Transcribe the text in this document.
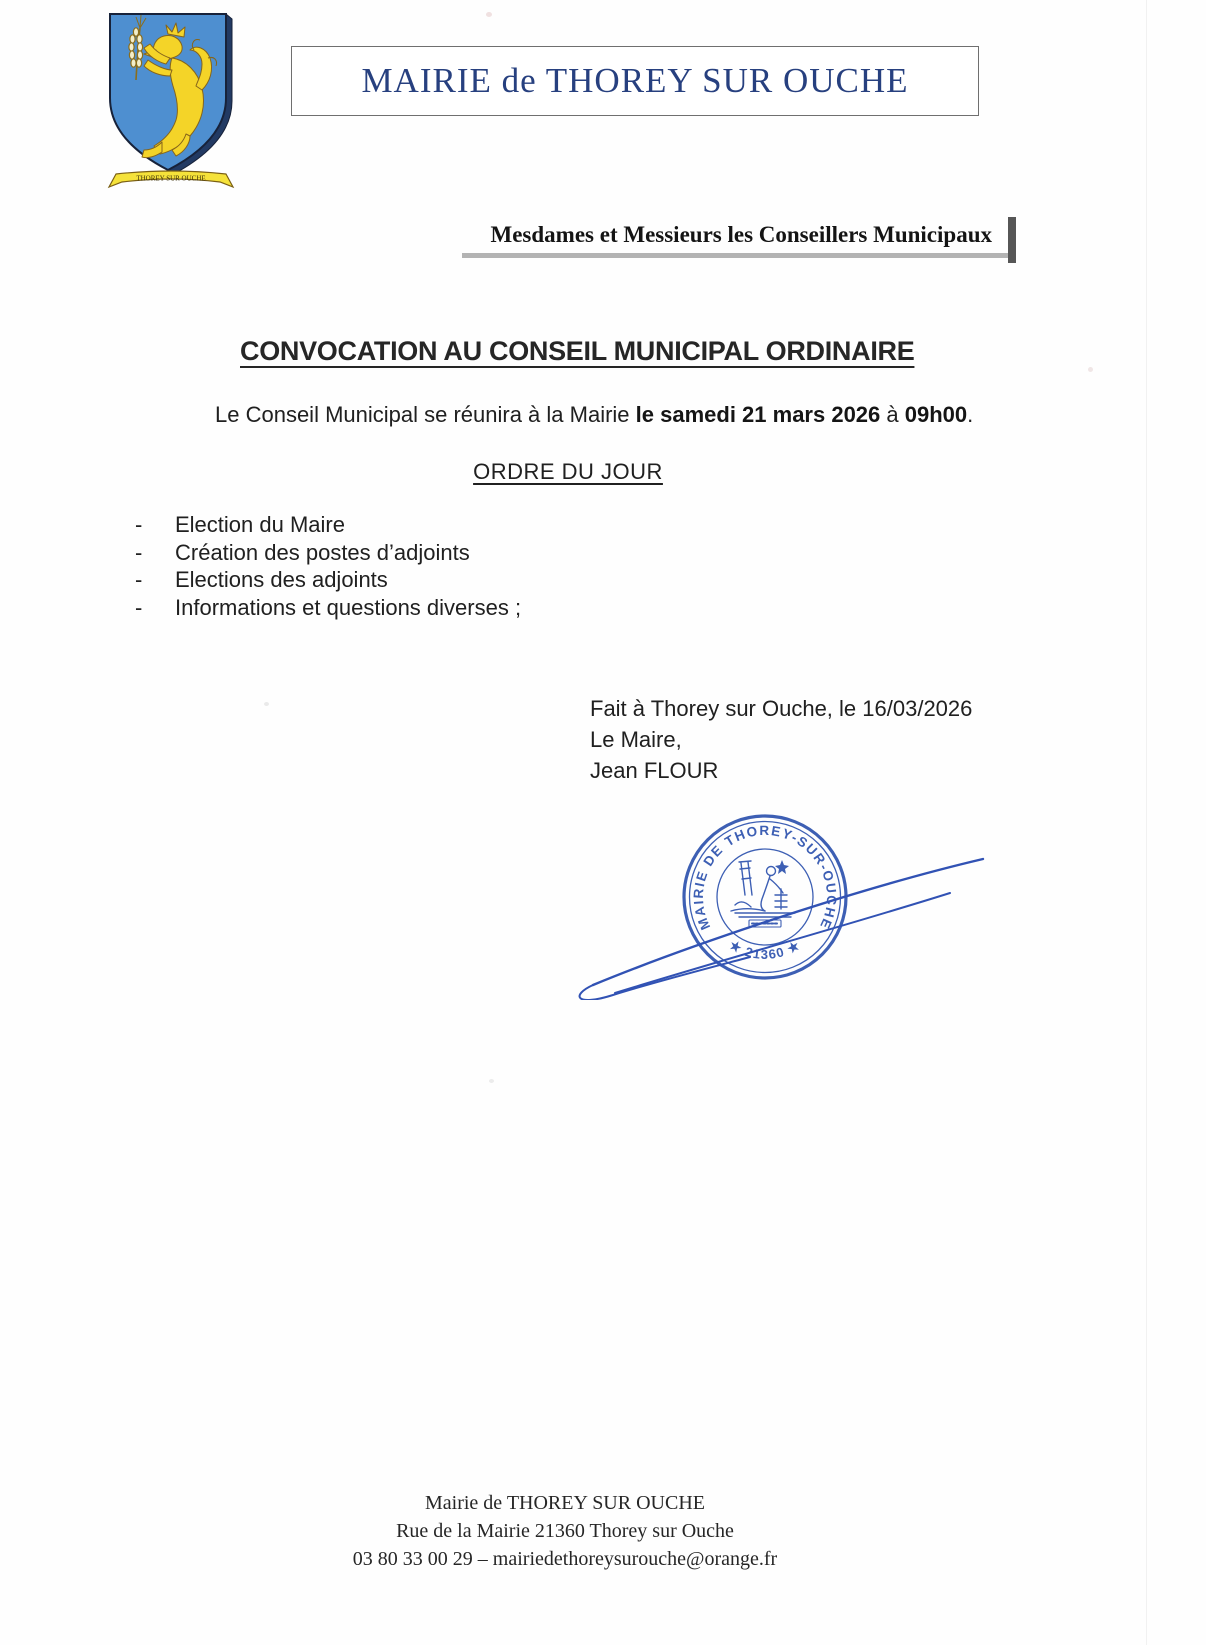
THOREY SUR OUCHE
MAIRIE de THOREY SUR OUCHE
Mesdames et Messieurs les Conseillers Municipaux
CONVOCATION AU CONSEIL MUNICIPAL ORDINAIRE
Le Conseil Municipal se réunira à la Mairie le samedi 21 mars 2026 à 09h00.
ORDRE DU JOUR
-	Election du Maire
-	Création des postes d’adjoints
-	Elections des adjoints
-	Informations et questions diverses ;
Fait à Thorey sur Ouche, le 16/03/2026
Le Maire,
Jean FLOUR
MAIRIE DE THOREY-SUR-OUCHE
★ 21360 ★
Mairie de THOREY SUR OUCHE
Rue de la Mairie 21360 Thorey sur Ouche
03 80 33 00 29 – mairiedethoreysurouche@orange.fr
